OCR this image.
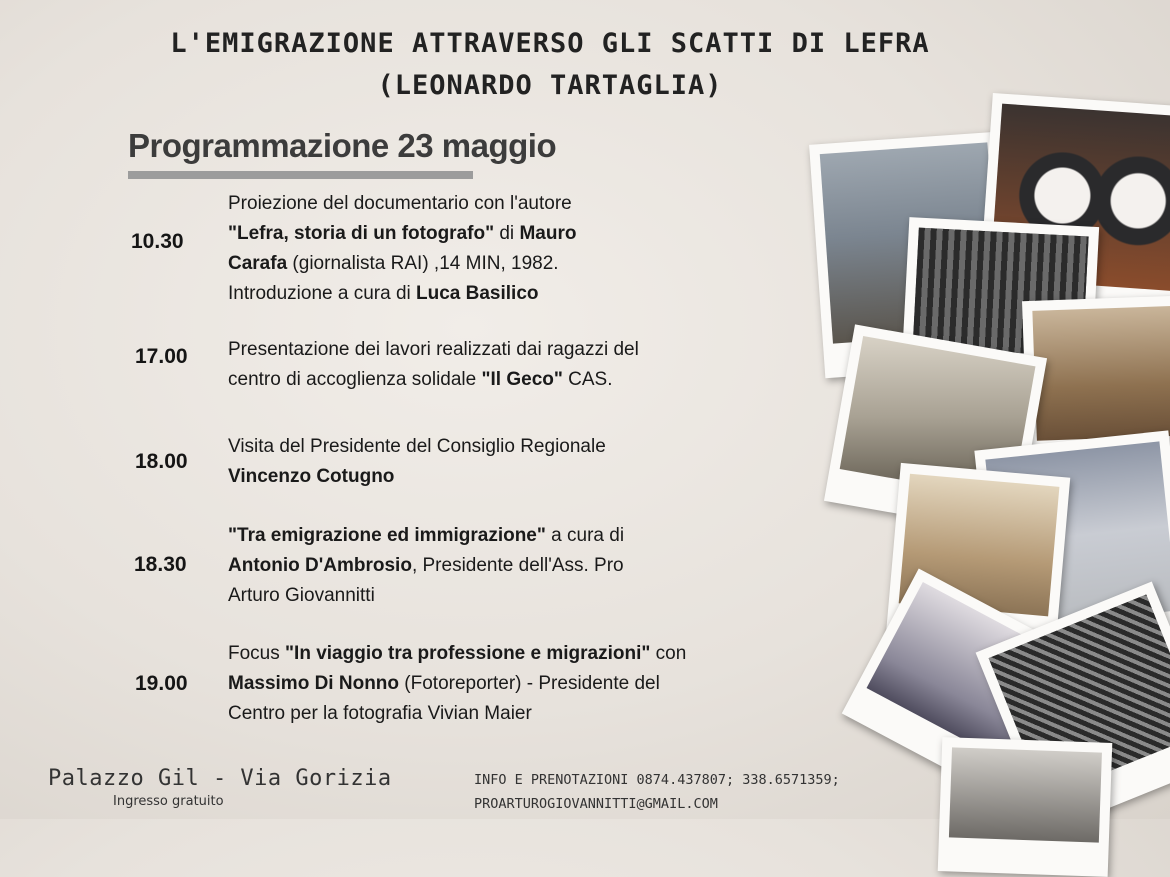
L'EMIGRAZIONE ATTRAVERSO GLI SCATTI DI LEFRA
(LEONARDO TARTAGLIA)
Programmazione 23 maggio
10.30
Proiezione del documentario con l'autore
"Lefra, storia di un fotografo" di Mauro
Carafa (giornalista RAI) ,14 MIN, 1982.
Introduzione a cura di Luca Basilico
17.00 Presentazione dei lavori realizzati dai ragazzi del
centro di accoglienza solidale "Il Geco" CAS.
18.00
Visita del Presidente del Consiglio Regionale
Vincenzo Cotugno
18.30
"Tra emigrazione ed immigrazione" a cura di
Antonio D'Ambrosio, Presidente dell'Ass. Pro
Arturo Giovannitti
19.00
Focus "In viaggio tra professione e migrazioni" con
Massimo Di Nonno (Fotoreporter) - Presidente del
Centro per la fotografia Vivian Maier
Palazzo Gil - Via Gorizia
Ingresso gratuito
INFO E PRENOTAZIONI 0874.437807; 338.6571359;
PROARTUROGIOVANNITTI@GMAIL.COM
